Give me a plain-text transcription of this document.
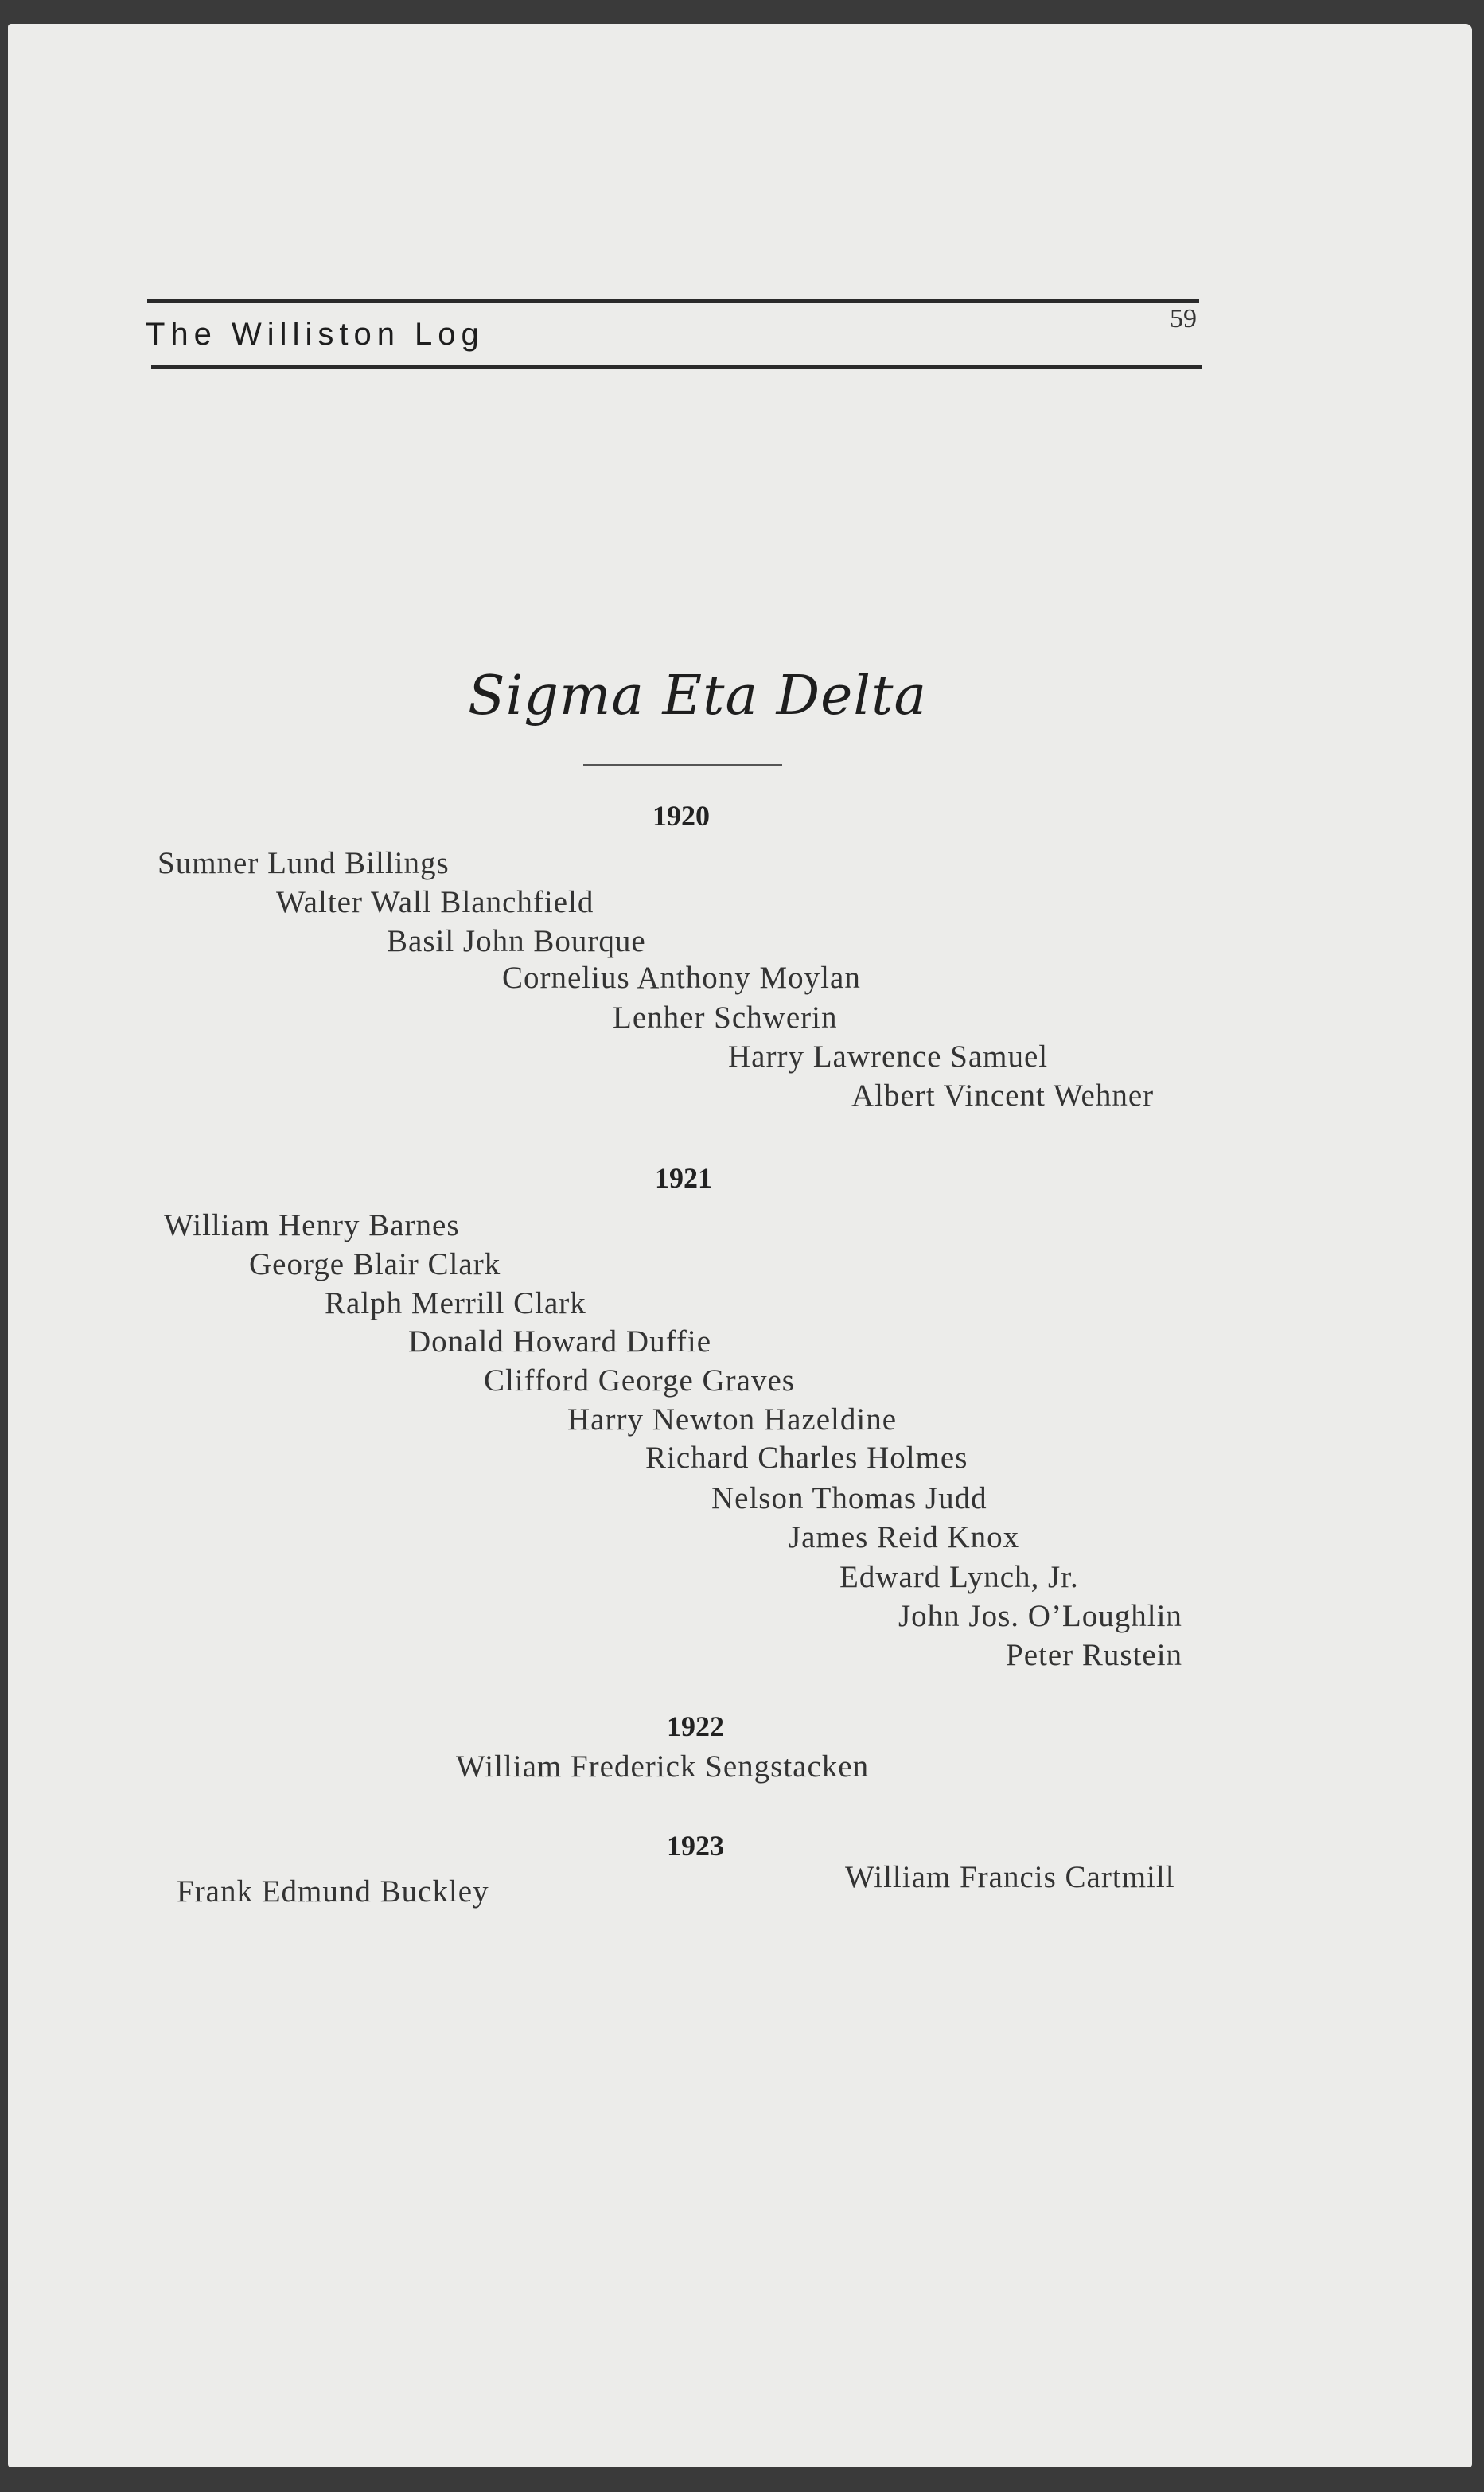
The Williston Log	59
Sigma Eta Delta
1920
Sumner Lund Billings
Walter Wall Blanchfield
Basil John Bourque
Cornelius Anthony Moylan
Lenher Schwerin
Harry Lawrence Samuel
Albert Vincent Wehner
1921
William Henry Barnes
George Blair Clark
Ralph Merrill Clark
Donald Howard Duffie
Clifford George Graves
Harry Newton Hazeldine
Richard Charles Holmes
Nelson Thomas Judd
James Reid Knox
Edward Lynch, Jr.
John Jos. O’Loughlin
Peter Rustein
1922
William Frederick Sengstacken
1923
Frank Edmund Buckley	William Francis Cartmill
